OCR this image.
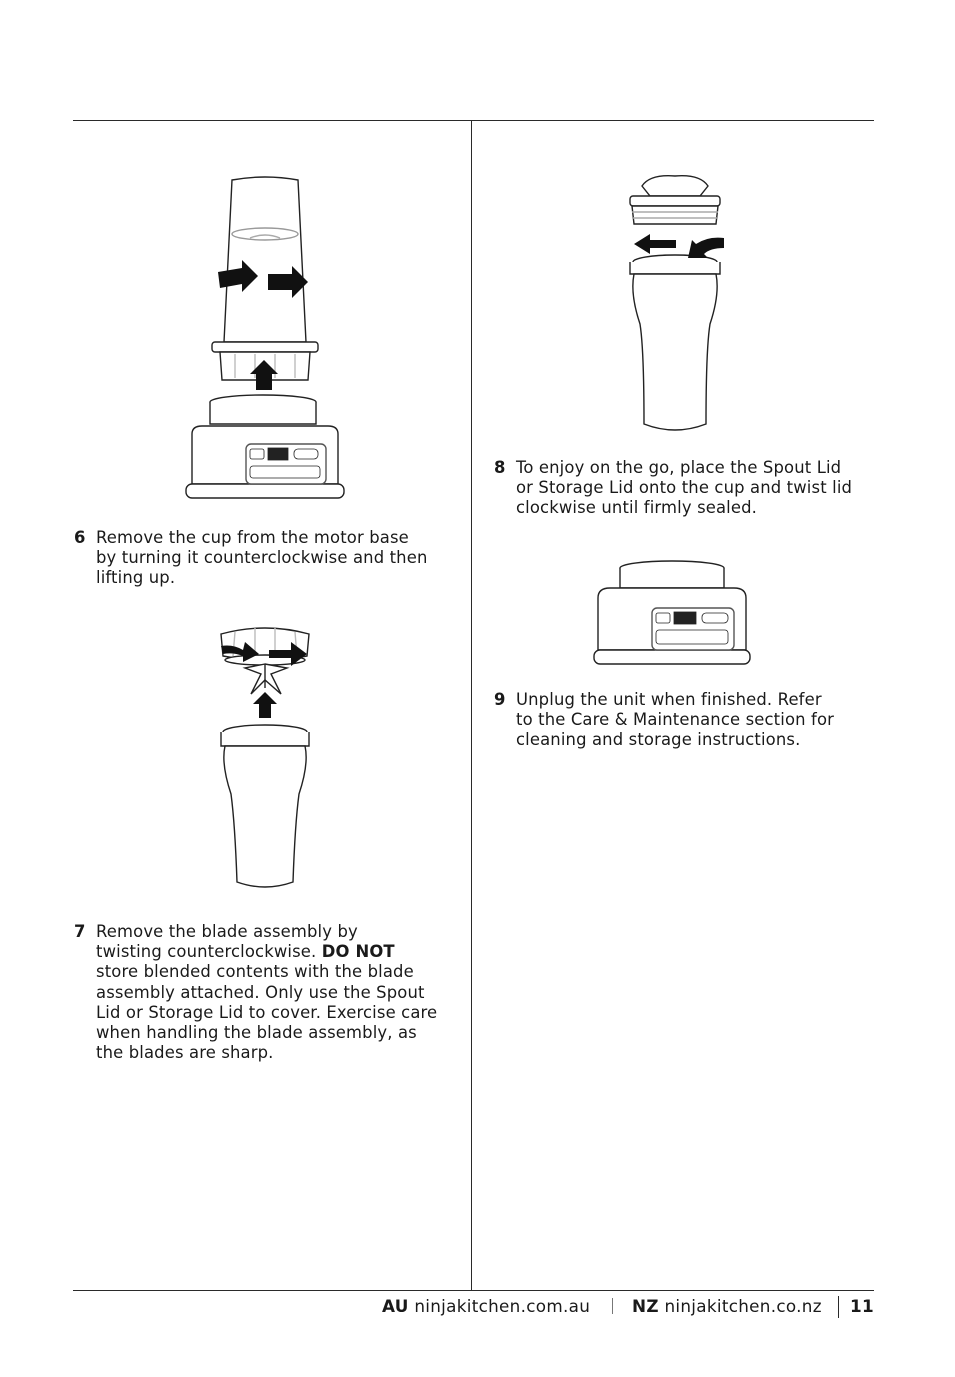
6 Remove the cup from the motor base
by turning it counterclockwise and then
lifting up.
7 Remove the blade assembly by
twisting counterclockwise. DO NOT
store blended contents with the blade
assembly attached. Only use the Spout
Lid or Storage Lid to cover. Exercise care
when handling the blade assembly, as
the blades are sharp.
8 To enjoy on the go, place the Spout Lid
or Storage Lid onto the cup and twist lid
clockwise until firmly sealed.
9 Unplug the unit when finished. Refer
to the Care & Maintenance section for
cleaning and storage instructions.
AU ninjakitchen.com.au NZ ninjakitchen.co.nz 11
